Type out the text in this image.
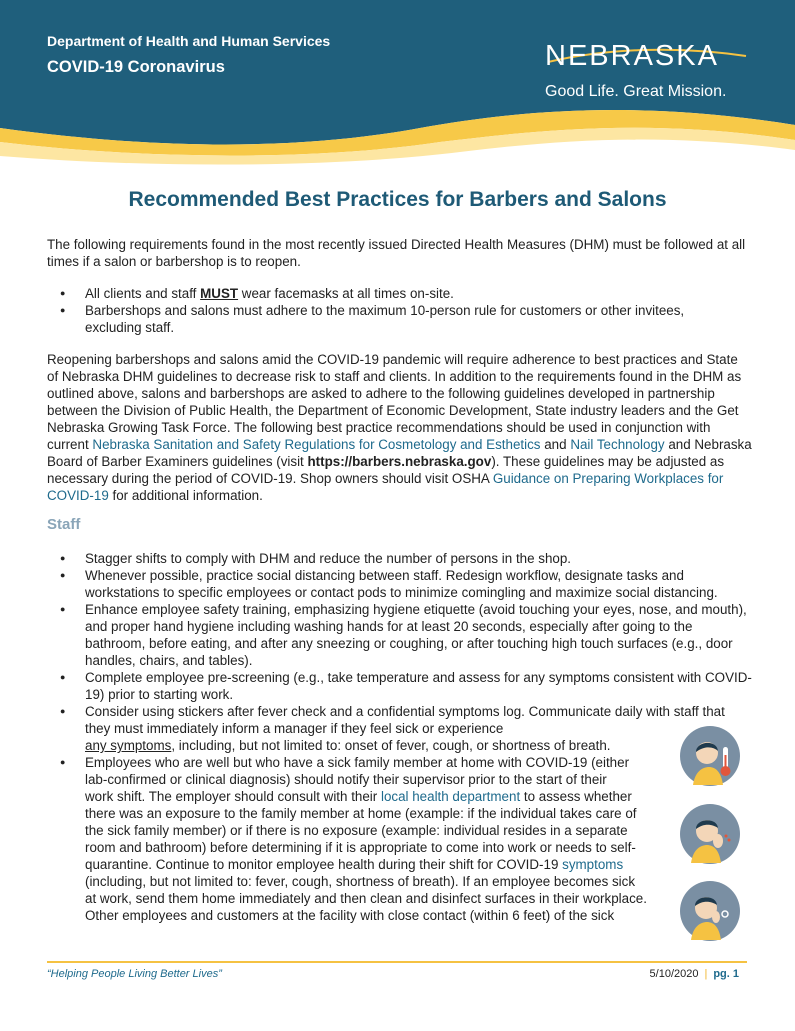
Department of Health and Human Services

COVID-19 Coronavirus	NEBRASKA
Good Life. Great Mission.
Recommended Best Practices for Barbers and Salons

The following requirements found in the most recently issued Directed Health Measures (DHM) must be followed at all times if a salon or barbershop is to reopen.

● All clients and staff MUST wear facemasks at all times on-site.
● Barbershops and salons must adhere to the maximum 10-person rule for customers or other invitees, excluding staff.

Reopening barbershops and salons amid the COVID-19 pandemic will require adherence to best practices and State of Nebraska DHM guidelines to decrease risk to staff and clients. In addition to the requirements found in the DHM as outlined above, salons and barbershops are asked to adhere to the following guidelines developed in partnership between the Division of Public Health, the Department of Economic Development, State industry leaders and the Get Nebraska Growing Task Force. The following best practice recommendations should be used in conjunction with current Nebraska Sanitation and Safety Regulations for Cosmetology and Esthetics and Nail Technology and Nebraska Board of Barber Examiners guidelines (visit https://barbers.nebraska.gov). These guidelines may be adjusted as necessary during the period of COVID-19. Shop owners should visit OSHA Guidance on Preparing Workplaces for COVID-19 for additional information.

Staff
● Stagger shifts to comply with DHM and reduce the number of persons in the shop.
● Whenever possible, practice social distancing between staff. Redesign workflow, designate tasks and workstations to specific employees or contact pods to minimize comingling and maximize social distancing.
● Enhance employee safety training, emphasizing hygiene etiquette (avoid touching your eyes, nose, and mouth), and proper hand hygiene including washing hands for at least 20 seconds, especially after going to the bathroom, before eating, and after any sneezing or coughing, or after touching high touch surfaces (e.g., door handles, chairs, and tables).
● Complete employee pre-screening (e.g., take temperature and assess for any symptoms consistent with COVID-19) prior to starting work.
● Consider using stickers after fever check and a confidential symptoms log. Communicate daily with staff that they must immediately inform a manager if they feel sick or experience
any symptoms, including, but not limited to: onset of fever, cough, or shortness of breath.
● Employees who are well but who have a sick family member at home with COVID-19 (either
lab-confirmed or clinical diagnosis) should notify their supervisor prior to the start of their
work shift. The employer should consult with their local health department to assess whether
there was an exposure to the family member at home (example: if the individual takes care of
the sick family member) or if there is no exposure (example: individual resides in a separate
room and bathroom) before determining if it is appropriate to come into work or needs to self-
quarantine. Continue to monitor employee health during their shift for COVID-19 symptoms
(including, but not limited to: fever, cough, shortness of breath). If an employee becomes sick
at work, send them home immediately and then clean and disinfect surfaces in their workplace.
Other employees and customers at the facility with close contact (within 6 feet) of the sick
“Helping People Living Better Lives”	5/10/2020 | pg. 1
